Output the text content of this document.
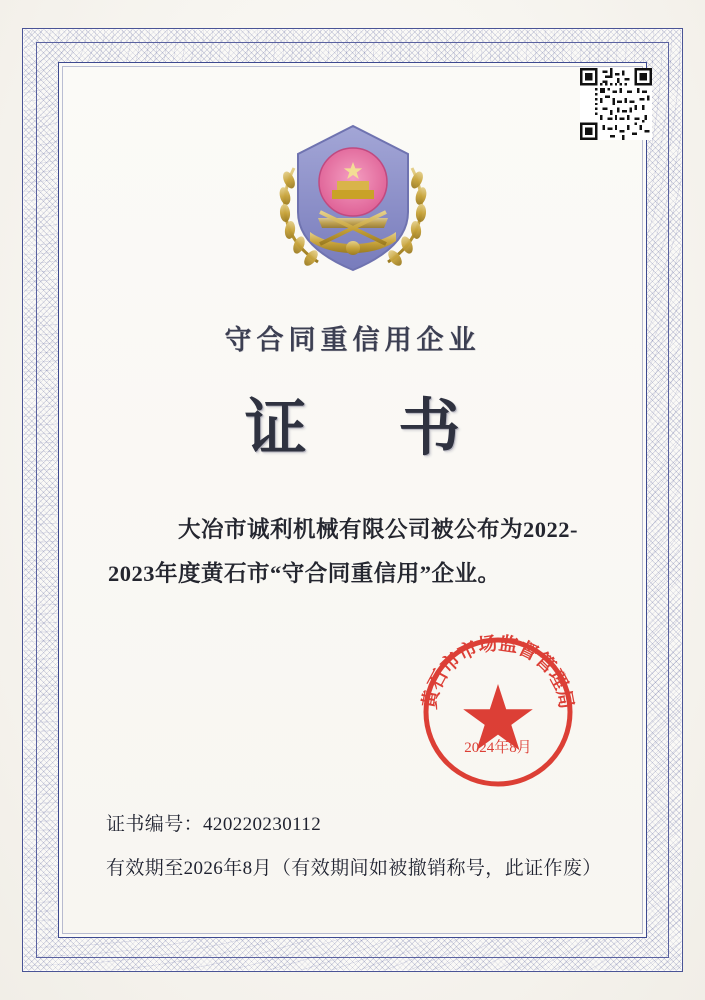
守合同重信用企业
证 书
大冶市诚利机械有限公司被公布为2022-2023年度黄石市“守合同重信用”企业。
黄石市市场监督管理局
2024年8月
证书编号：420220230112
有效期至2026年8月（有效期间如被撤销称号，此证作废）
